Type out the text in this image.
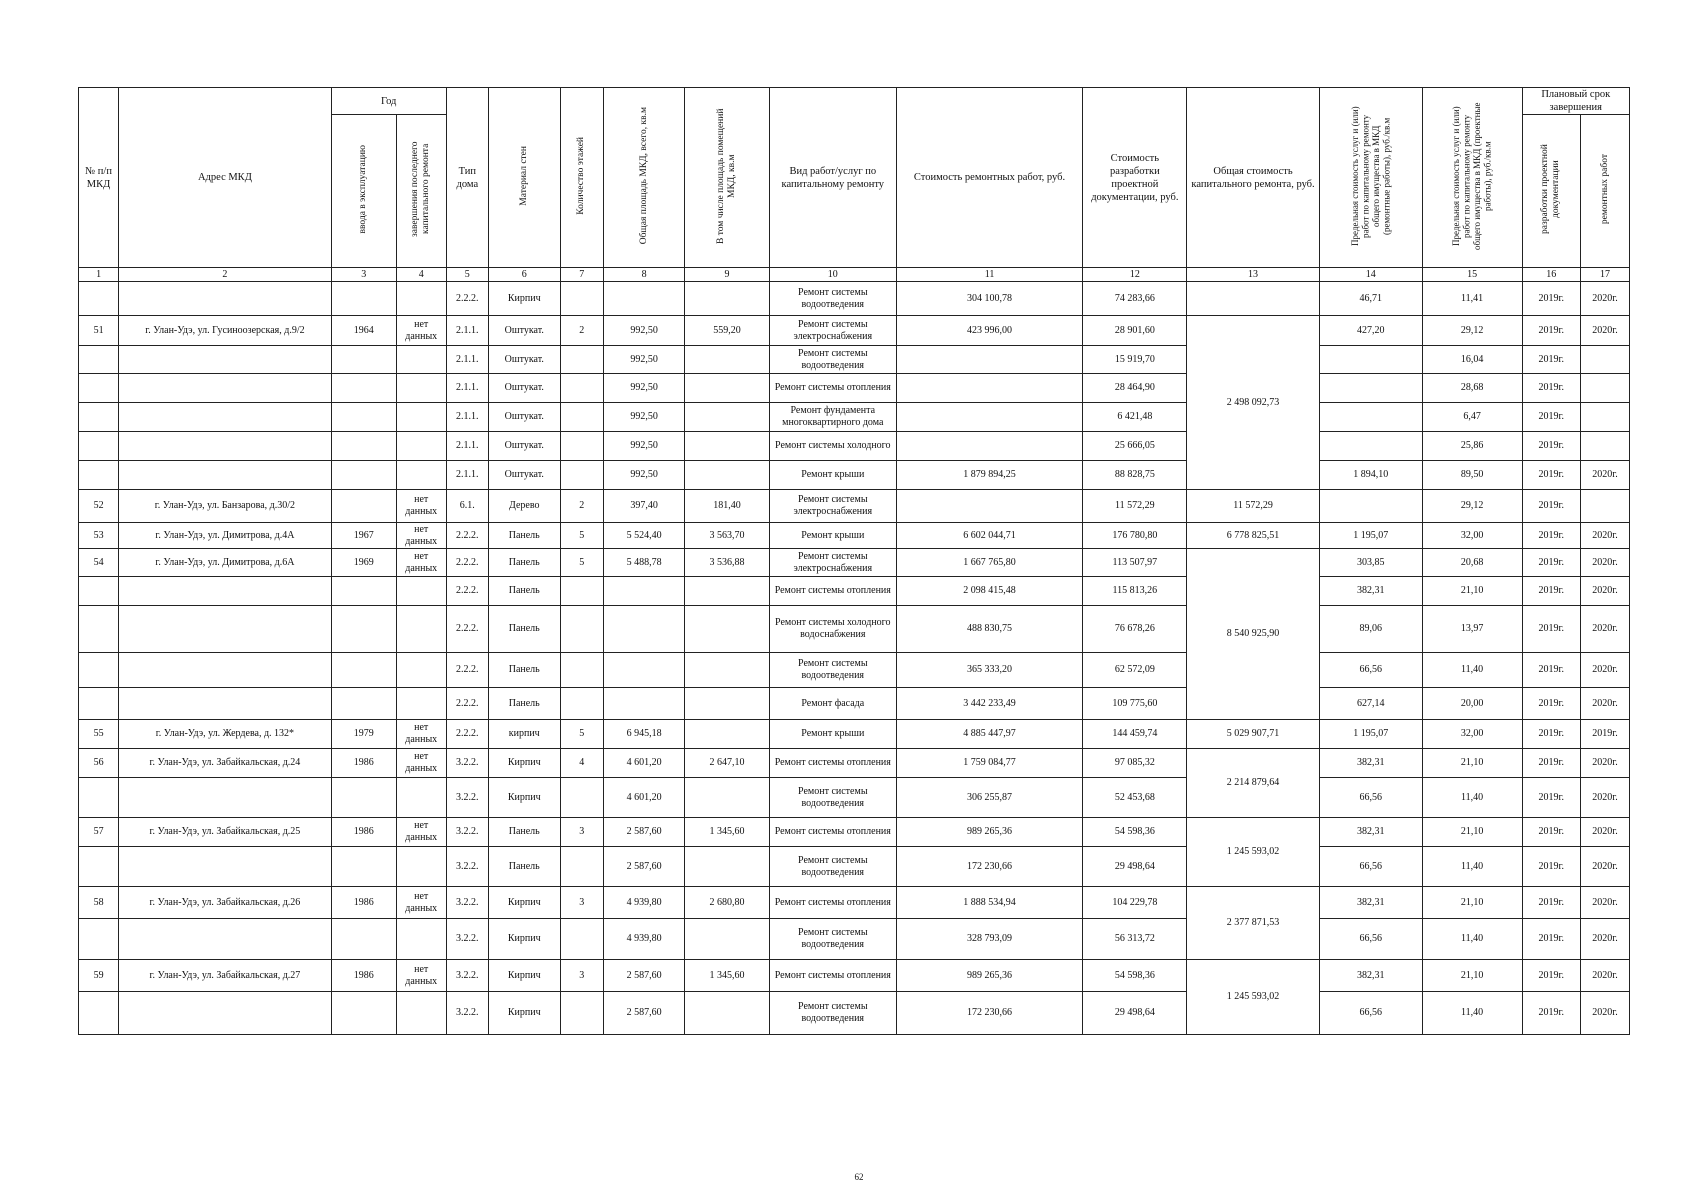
№ п/п МКД	Адрес МКД	Год		Тип дома	Материал стен	Количество этажей	Общая площадь МКД, всего, кв.м	В том числе площадь помещений МКД, кв.м	Вид работ/услуг по капитальному ремонту	Стоимость ремонтных работ, руб.	Стоимость разработки проектной документации, руб.	Общая стоимость капитального ремонта, руб.	Предельная стоимость услуг и (или) работ по капитальному ремонту общего имущества в МКД (ремонтные работы), руб./кв.м	Предельная стоимость услуг и (или) работ по капитальному ремонту общего имущества в МКД (проектные работы), руб./кв.м	Плановый срок завершения	
		ввода в эксплуатацию	завершения последнего капитального ремонта												разработки проектной документации	ремонтных работ
1	2	3	4	5	6	7	8	9	10	11	12	13	14	15	16	17
				2.2.2.	Кирпич				Ремонт системы водоотведения	304 100,78	74 283,66		46,71	11,41	2019г.	2020г.
51	г. Улан-Удэ, ул. Гусиноозерская, д.9/2	1964	нет данных	2.1.1.	Оштукат.	2	992,50	559,20	Ремонт системы электроснабжения	423 996,00	28 901,60	2 498 092,73	427,20	29,12	2019г.	2020г.
				2.1.1.	Оштукат.		992,50		Ремонт системы водоотведения		15 919,70			16,04	2019г.	
				2.1.1.	Оштукат.		992,50		Ремонт системы отопления		28 464,90			28,68	2019г.	
				2.1.1.	Оштукат.		992,50		Ремонт фундамента многоквартирного дома		6 421,48			6,47	2019г.	
				2.1.1.	Оштукат.		992,50		Ремонт системы холодного		25 666,05			25,86	2019г.	
				2.1.1.	Оштукат.		992,50		Ремонт крыши	1 879 894,25	88 828,75		1 894,10	89,50	2019г.	2020г.
52	г. Улан-Удэ, ул. Банзарова, д.30/2		нет данных	6.1.	Дерево	2	397,40	181,40	Ремонт системы электроснабжения		11 572,29	11 572,29		29,12	2019г.	
53	г. Улан-Удэ, ул. Димитрова, д.4А	1967	нет данных	2.2.2.	Панель	5	5 524,40	3 563,70	Ремонт крыши	6 602 044,71	176 780,80	6 778 825,51	1 195,07	32,00	2019г.	2020г.
54	г. Улан-Удэ, ул. Димитрова, д.6А	1969	нет данных	2.2.2.	Панель	5	5 488,78	3 536,88	Ремонт системы электроснабжения	1 667 765,80	113 507,97	8 540 925,90	303,85	20,68	2019г.	2020г.
				2.2.2.	Панель				Ремонт системы отопления	2 098 415,48	115 813,26		382,31	21,10	2019г.	2020г.
				2.2.2.	Панель				Ремонт системы холодного водоснабжения	488 830,75	76 678,26		89,06	13,97	2019г.	2020г.
				2.2.2.	Панель				Ремонт системы водоотведения	365 333,20	62 572,09		66,56	11,40	2019г.	2020г.
				2.2.2.	Панель				Ремонт фасада	3 442 233,49	109 775,60		627,14	20,00	2019г.	2020г.
55	г. Улан-Удэ, ул. Жердева, д. 132*	1979	нет данных	2.2.2.	кирпич	5	6 945,18		Ремонт крыши	4 885 447,97	144 459,74	5 029 907,71	1 195,07	32,00	2019г.	2019г.
56	г. Улан-Удэ, ул. Забайкальская, д.24	1986	нет данных	3.2.2.	Кирпич	4	4 601,20	2 647,10	Ремонт системы отопления	1 759 084,77	97 085,32	2 214 879,64	382,31	21,10	2019г.	2020г.
				3.2.2.	Кирпич		4 601,20		Ремонт системы водоотведения	306 255,87	52 453,68		66,56	11,40	2019г.	2020г.
57	г. Улан-Удэ, ул. Забайкальская, д.25	1986	нет данных	3.2.2.	Панель	3	2 587,60	1 345,60	Ремонт системы отопления	989 265,36	54 598,36	1 245 593,02	382,31	21,10	2019г.	2020г.
				3.2.2.	Панель		2 587,60		Ремонт системы водоотведения	172 230,66	29 498,64		66,56	11,40	2019г.	2020г.
58	г. Улан-Удэ, ул. Забайкальская, д.26	1986	нет данных	3.2.2.	Кирпич	3	4 939,80	2 680,80	Ремонт системы отопления	1 888 534,94	104 229,78	2 377 871,53	382,31	21,10	2019г.	2020г.
				3.2.2.	Кирпич		4 939,80		Ремонт системы водоотведения	328 793,09	56 313,72		66,56	11,40	2019г.	2020г.
59	г. Улан-Удэ, ул. Забайкальская, д.27	1986	нет данных	3.2.2.	Кирпич	3	2 587,60	1 345,60	Ремонт системы отопления	989 265,36	54 598,36	1 245 593,02	382,31	21,10	2019г.	2020г.
				3.2.2.	Кирпич		2 587,60		Ремонт системы водоотведения	172 230,66	29 498,64		66,56	11,40	2019г.	2020г.
62
